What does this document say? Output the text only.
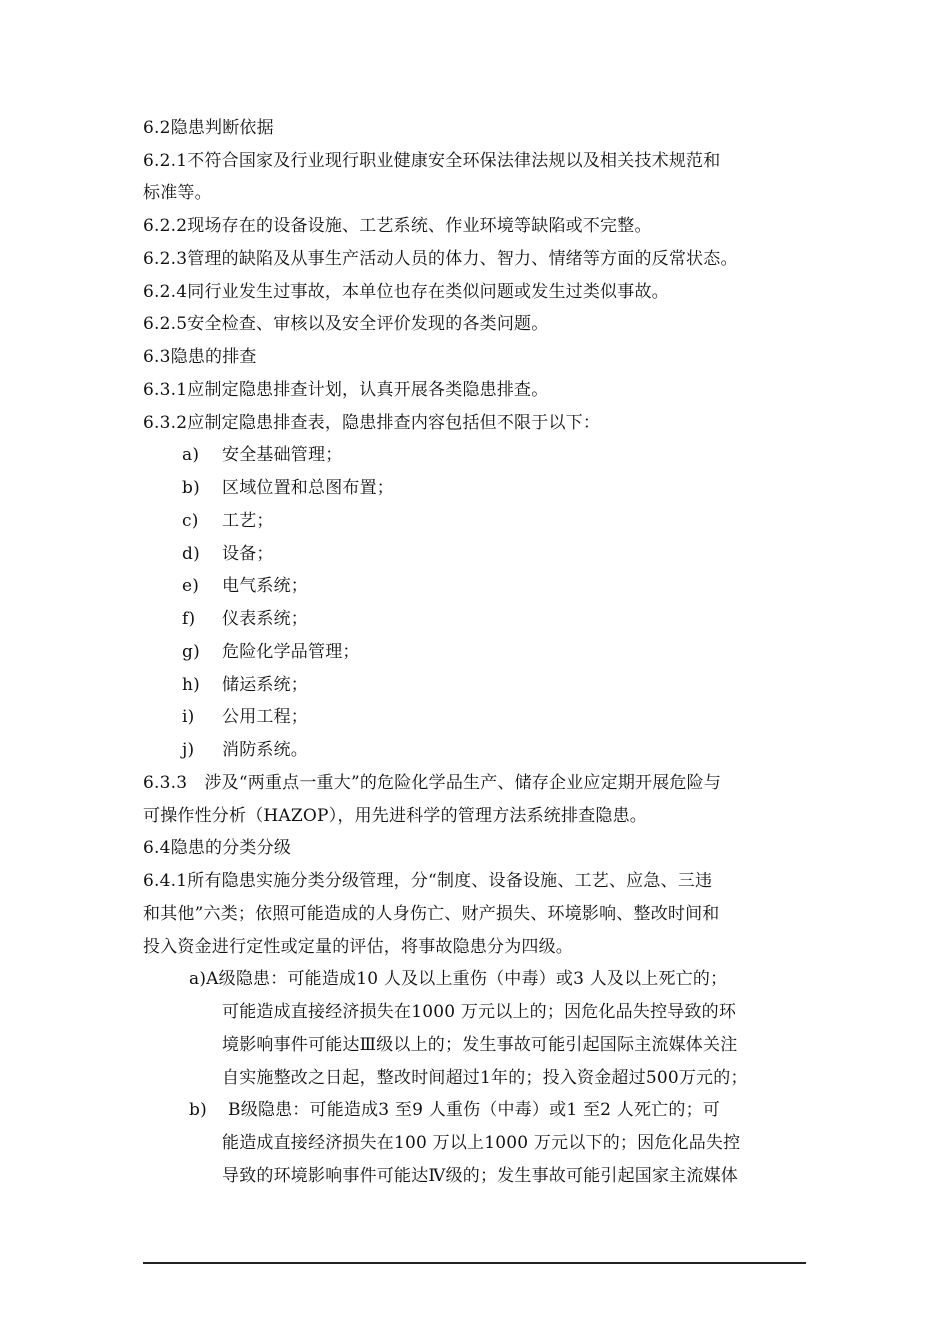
6.2隐患判断依据
6.2.1不符合国家及行业现行职业健康安全环保法律法规以及相关技术规范和
标准等。
6.2.2现场存在的设备设施、工艺系统、作业环境等缺陷或不完整。
6.2.3管理的缺陷及从事生产活动人员的体力、智力、情绪等方面的反常状态。
6.2.4同行业发生过事故，本单位也存在类似问题或发生过类似事故。
6.2.5安全检查、审核以及安全评价发现的各类问题。
6.3隐患的排查
6.3.1应制定隐患排查计划，认真开展各类隐患排查。
6.3.2应制定隐患排查表，隐患排查内容包括但不限于以下：
a) 安全基础管理；
b) 区域位置和总图布置；
c) 工艺；
d) 设备；
e) 电气系统；
f) 仪表系统；
g) 危险化学品管理；
h) 储运系统；
i) 公用工程；
j) 消防系统。
6.3.3　涉及“两重点一重大”的危险化学品生产、储存企业应定期开展危险与
可操作性分析（HAZOP），用先进科学的管理方法系统排查隐患。
6.4隐患的分类分级
6.4.1所有隐患实施分类分级管理，分“制度、设备设施、工艺、应急、三违
和其他”六类；依照可能造成的人身伤亡、财产损失、环境影响、整改时间和
投入资金进行定性或定量的评估，将事故隐患分为四级。
a)A级隐患：可能造成10 人及以上重伤（中毒）或3 人及以上死亡的；
可能造成直接经济损失在1000 万元以上的；因危化品失控导致的环
境影响事件可能达Ⅲ级以上的；发生事故可能引起国际主流媒体关注
自实施整改之日起，整改时间超过1年的；投入资金超过500万元的；
b) B级隐患：可能造成3 至9 人重伤（中毒）或1 至2 人死亡的；可
能造成直接经济损失在100 万以上1000 万元以下的；因危化品失控
导致的环境影响事件可能达Ⅳ级的；发生事故可能引起国家主流媒体
